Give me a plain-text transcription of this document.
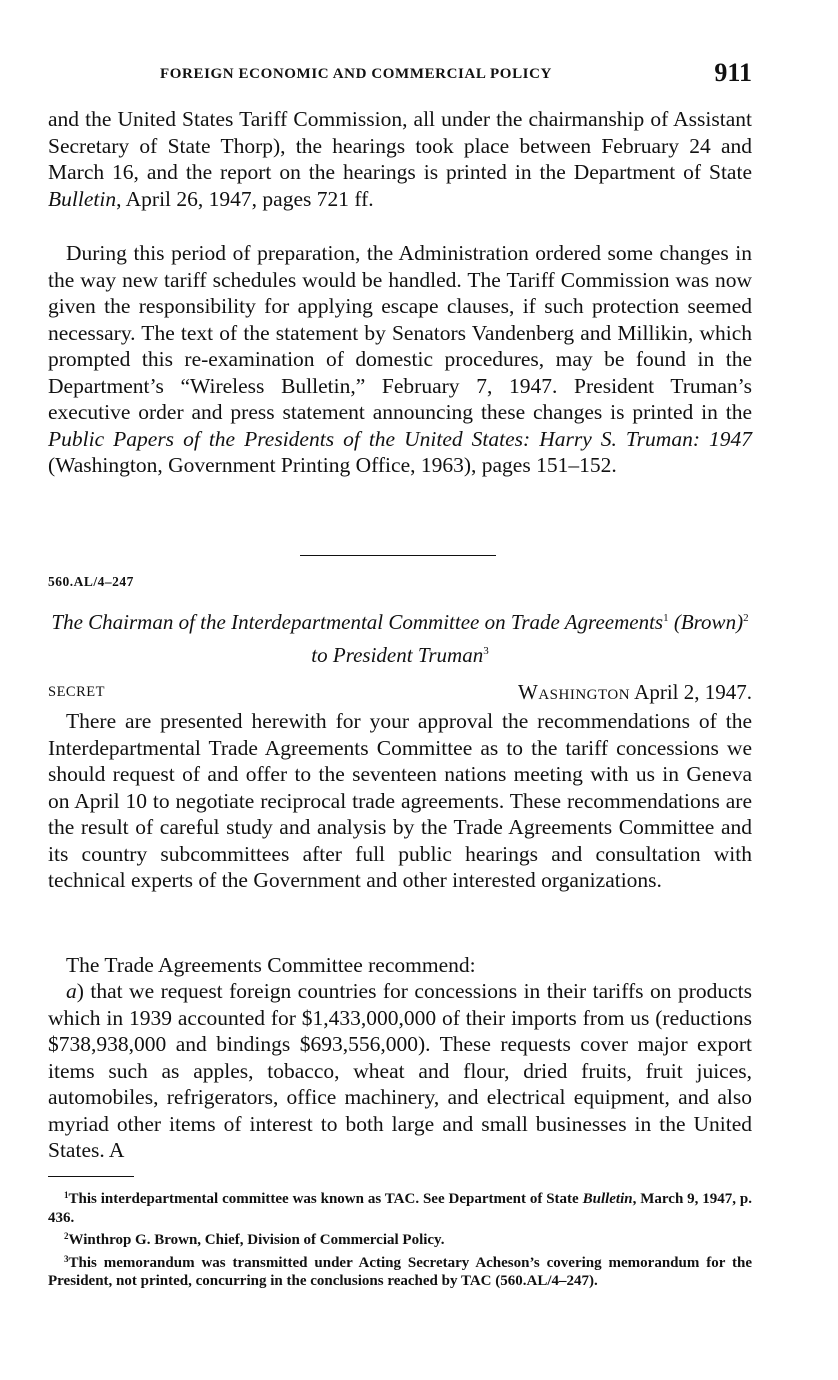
FOREIGN ECONOMIC AND COMMERCIAL POLICY	911

and the United States Tariff Commission, all under the chairmanship of Assistant Secretary of State Thorp), the hearings took place between February 24 and March 16, and the report on the hearings is printed in the Department of State Bulletin, April 26, 1947, pages 721 ff.

During this period of preparation, the Administration ordered some changes in the way new tariff schedules would be handled. The Tariff Commission was now given the responsibility for applying escape clauses, if such protection seemed necessary. The text of the statement by Senators Vandenberg and Millikin, which prompted this re-examination of domestic procedures, may be found in the Department’s “Wireless Bulletin,” February 7, 1947. President Truman’s executive order and press statement announcing these changes is printed in the Public Papers of the Presidents of the United States: Harry S. Truman: 1947 (Washington, Government Printing Office, 1963), pages 151–152.

560.AL/4–247
The Chairman of the Interdepartmental Committee on Trade Agreements$^1$ (Brown)$^2$ to President Truman$^3$
SECRET	Washington April 2, 1947.

There are presented herewith for your approval the recommendations of the Interdepartmental Trade Agreements Committee as to the tariff concessions we should request of and offer to the seventeen nations meeting with us in Geneva on April 10 to negotiate reciprocal trade agreements. These recommendations are the result of careful study and analysis by the Trade Agreements Committee and its country subcommittees after full public hearings and consultation with technical experts of the Government and other interested organizations.

The Trade Agreements Committee recommend:

a) that we request foreign countries for concessions in their tariffs on products which in 1939 accounted for $1,433,000,000 of their imports from us (reductions $738,938,000 and bindings $693,556,000). These requests cover major export items such as apples, tobacco, wheat and flour, dried fruits, fruit juices, automobiles, refrigerators, office machinery, and electrical equipment, and also myriad other items of interest to both large and small businesses in the United States. A

$^1$This interdepartmental committee was known as TAC. See Department of State Bulletin, March 9, 1947, p. 436.

$^2$Winthrop G. Brown, Chief, Division of Commercial Policy.

$^3$This memorandum was transmitted under Acting Secretary Acheson’s covering memorandum for the President, not printed, concurring in the conclusions reached by TAC (560.AL/4–247).
